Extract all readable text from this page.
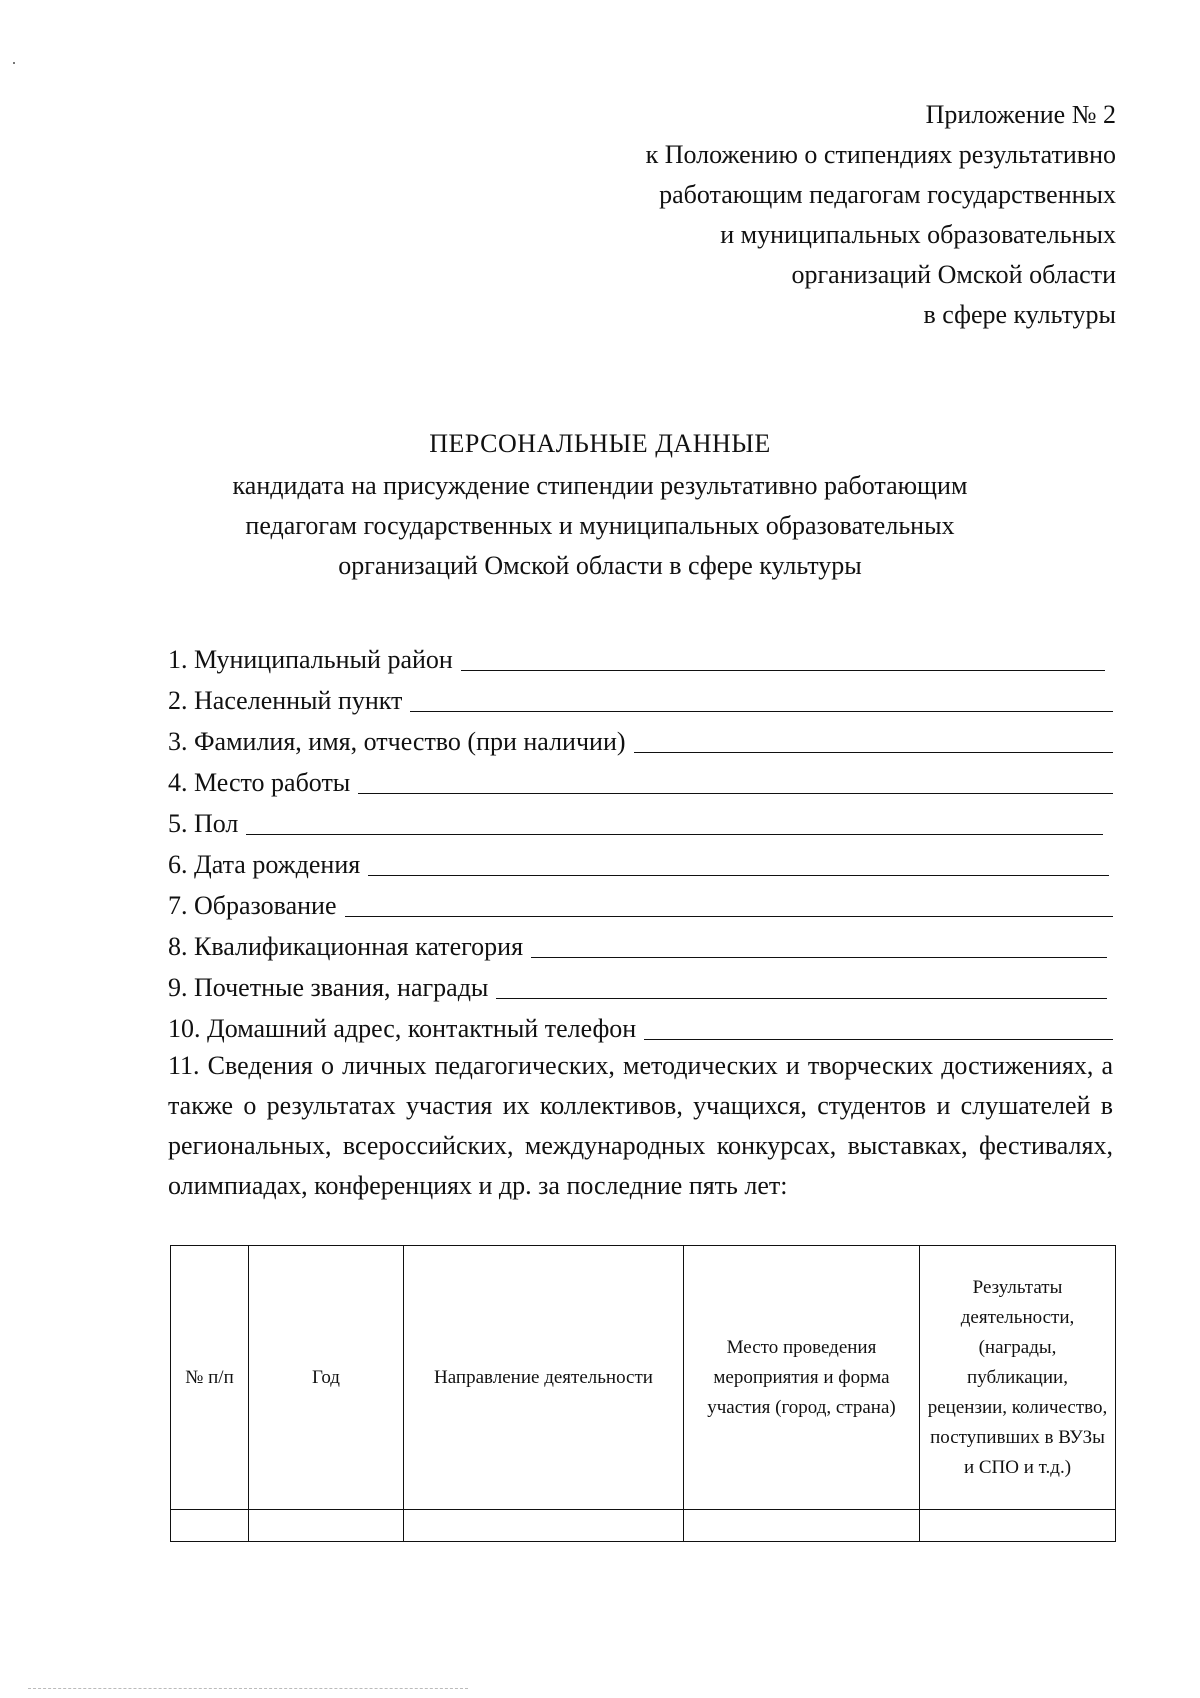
Приложение № 2
к Положению о стипендиях результативно
работающим педагогам государственных
и муниципальных образовательных
организаций Омской области
в сфере культуры
ПЕРСОНАЛЬНЫЕ ДАННЫЕ
кандидата на присуждение стипендии результативно работающим
педагогам государственных и муниципальных образовательных
организаций Омской области в сфере культуры
1. Муниципальный район
2. Населенный пункт
3. Фамилия, имя, отчество (при наличии)
4. Место работы
5. Пол
6. Дата рождения
7. Образование
8. Квалификационная категория
9. Почетные звания, награды
10. Домашний адрес, контактный телефон
11. Сведения о личных педагогических, методических и творческих достижениях, а также о результатах участия их коллективов, учащихся, студентов и слушателей в региональных, всероссийских, международных конкурсах, выставках, фестивалях, олимпиадах, конференциях и др. за последние пять лет:
№ п/п	Год	Направление деятельности	Место проведения мероприятия и форма участия (город, страна)	Результаты деятельности, (награды, публикации, рецензии, количество, поступивших в ВУЗы и СПО и т.д.)
